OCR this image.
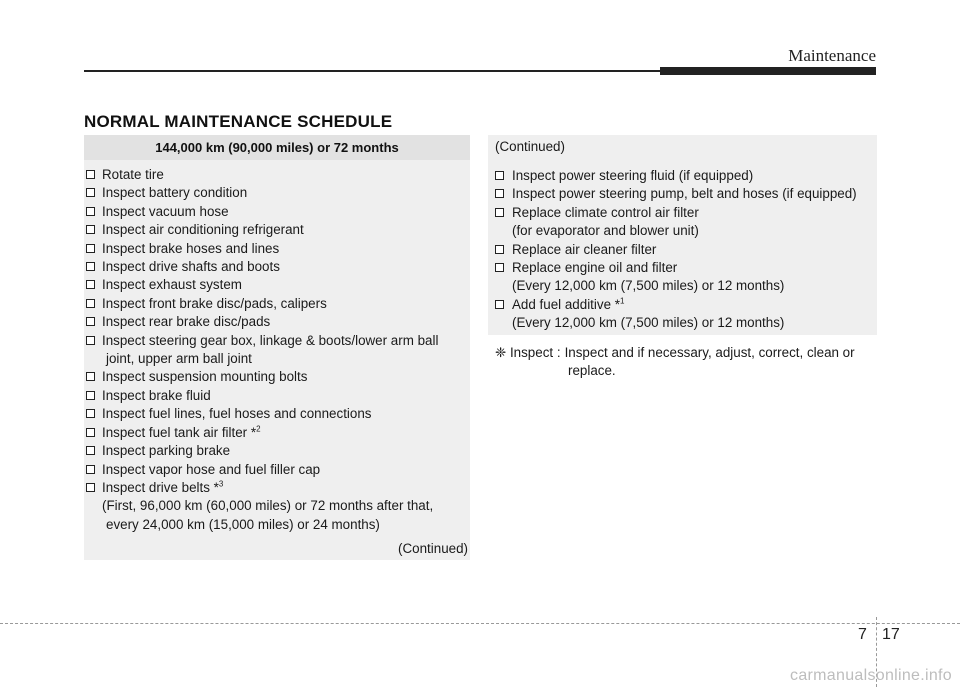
Maintenance
NORMAL MAINTENANCE SCHEDULE
144,000 km (90,000 miles) or 72 months
Rotate tire
Inspect battery condition
Inspect vacuum hose
Inspect air conditioning refrigerant
Inspect brake hoses and lines
Inspect drive shafts and boots
Inspect exhaust system
Inspect front brake disc/pads, calipers
Inspect rear brake disc/pads
Inspect steering gear box, linkage & boots/lower arm ball
joint, upper arm ball joint
Inspect suspension mounting bolts
Inspect brake fluid
Inspect fuel lines, fuel hoses and connections
Inspect fuel tank air filter *$^2$
Inspect parking brake
Inspect vapor hose and fuel filler cap
Inspect drive belts *$^3$
(First, 96,000 km (60,000 miles) or 72 months after that,
every 24,000 km (15,000 miles) or 24 months)
(Continued)
(Continued)
Inspect power steering fluid (if equipped)
Inspect power steering pump, belt and hoses (if equipped)
Replace climate control air filter
(for evaporator and blower unit)
Replace air cleaner filter
Replace engine oil and filter
(Every 12,000 km (7,500 miles) or 12 months)
Add fuel additive *$^1$
(Every 12,000 km (7,500 miles) or 12 months)
❈ Inspect : Inspect and if necessary, adjust, correct, clean or
replace.
7 17
carmanualsonline.info
